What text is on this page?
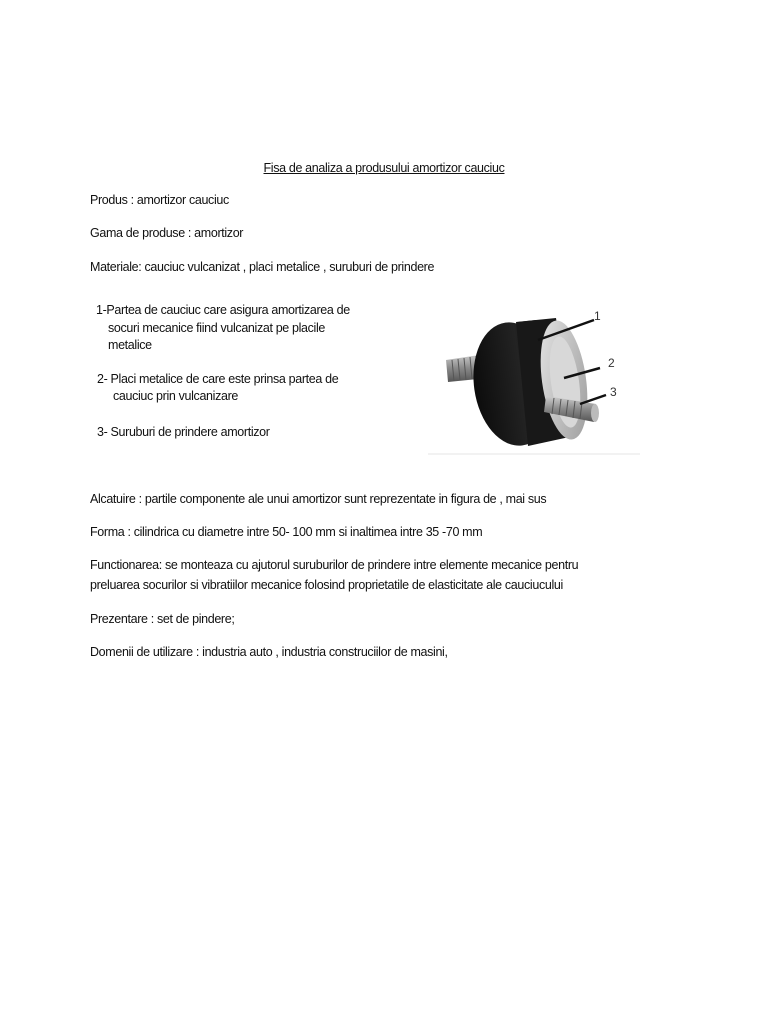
Fisa de analiza a produsului amortizor cauciuc
Produs : amortizor cauciuc
Gama de produse : amortizor
Materiale: cauciuc vulcanizat , placi metalice , suruburi de prindere
1-Partea de cauciuc care asigura amortizarea de
socuri mecanice fiind vulcanizat pe placile
metalice
2- Placi metalice de care este prinsa partea de
cauciuc prin vulcanizare
3- Suruburi de prindere amortizor
1
2
3
Alcatuire : partile componente ale unui amortizor sunt reprezentate in figura de , mai sus
Forma : cilindrica cu diametre intre 50- 100 mm si inaltimea intre 35 -70 mm
Functionarea: se monteaza cu ajutorul suruburilor de prindere intre elemente mecanice pentru
preluarea socurilor si vibratiilor mecanice folosind proprietatile de elasticitate ale cauciucului
Prezentare : set de pindere;
Domenii de utilizare : industria auto , industria construciilor de masini,
